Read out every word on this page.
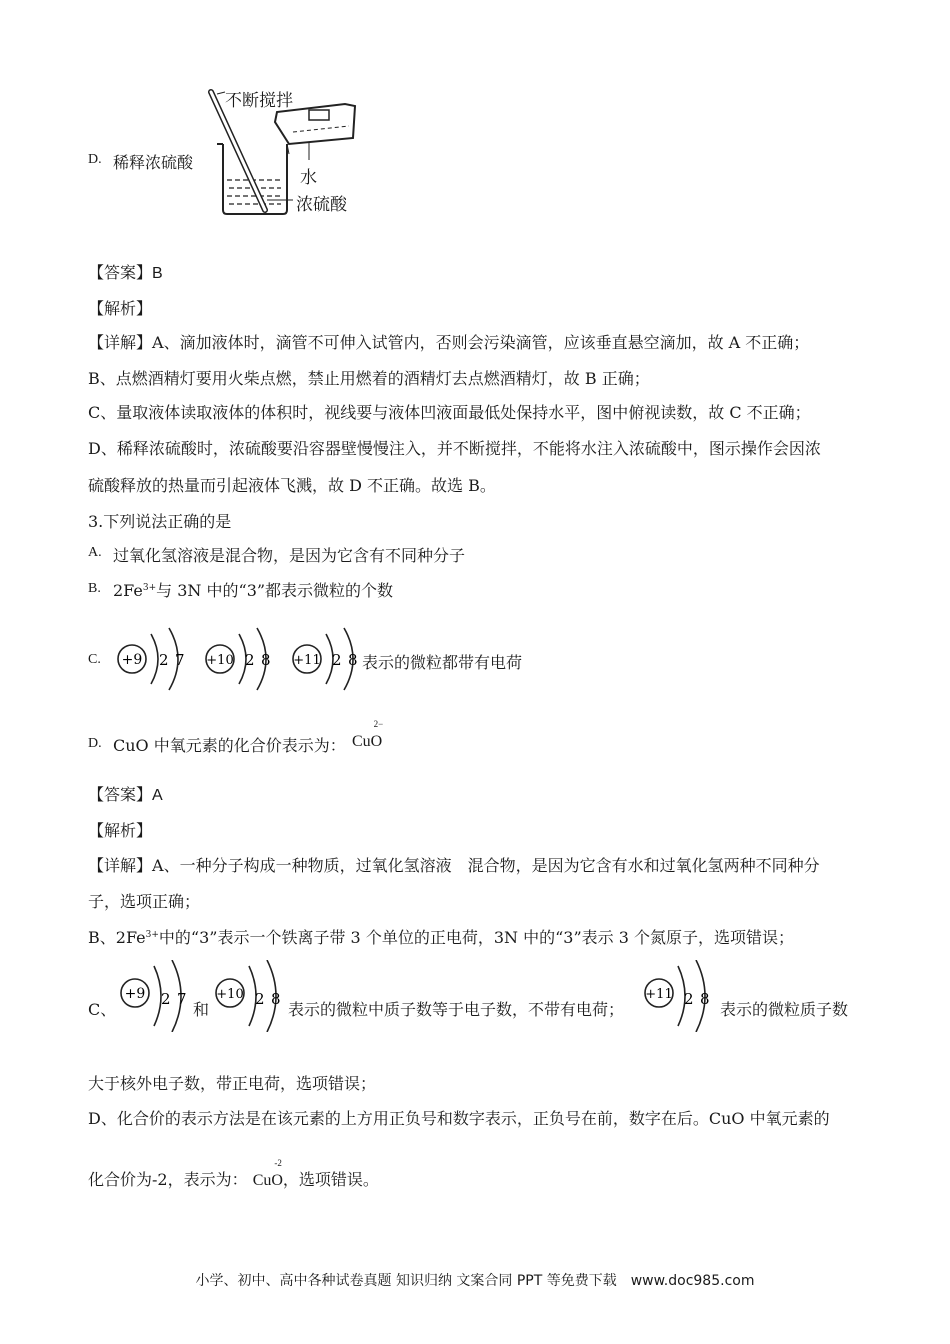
D. 稀释浓硫酸
不断搅拌
水
浓硫酸
【答案】B
【解析】
【详解】A、滴加液体时，滴管不可伸入试管内，否则会污染滴管，应该垂直悬空滴加，故 A 不正确；
B、点燃酒精灯要用火柴点燃，禁止用燃着的酒精灯去点燃酒精灯，故 B 正确；
C、量取液体读取液体的体积时，视线要与液体凹液面最低处保持水平，图中俯视读数，故 C 不正确；
D、稀释浓硫酸时，浓硫酸要沿容器壁慢慢注入，并不断搅拌，不能将水注入浓硫酸中，图示操作会因浓
硫酸释放的热量而引起液体飞溅，故 D 不正确。故选 B。
3.下列说法正确的是
A. 过氧化氢溶液是混合物，是因为它含有不同种分子
B. $2Fe^{3+}$与 3N 中的“3”都表示微粒的个数
C. +9 2 7 +10 2 8 +11 2 8 表示的微粒都带有电荷
D. CuO 中氧元素的化合价表示为： CuO
2−
【答案】A
【解析】
【详解】A、一种分子构成一种物质，过氧化氢溶液　混合物，是因为它含有水和过氧化氢两种不同种分
子，选项正确；
B、$2Fe^{3+}$中的“3”表示一个铁离子带 3 个单位的正电荷，3N 中的“3”表示 3 个氮原子，选项错误；
C、
+9 2 7
和
+10 2 8
表示的微粒中质子数等于电子数，不带有电荷；
+11 2 8
表示的微粒质子数
大于核外电子数，带正电荷，选项错误；
D、化合价的表示方法是在该元素的上方用正负号和数字表示，正负号在前，数字在后。CuO 中氧元素的
化合价为-2，表示为： CuO
-2
，选项错误。
小学、初中、高中各种试卷真题 知识归纳 文案合同 PPT 等免费下载　www.doc985.com
